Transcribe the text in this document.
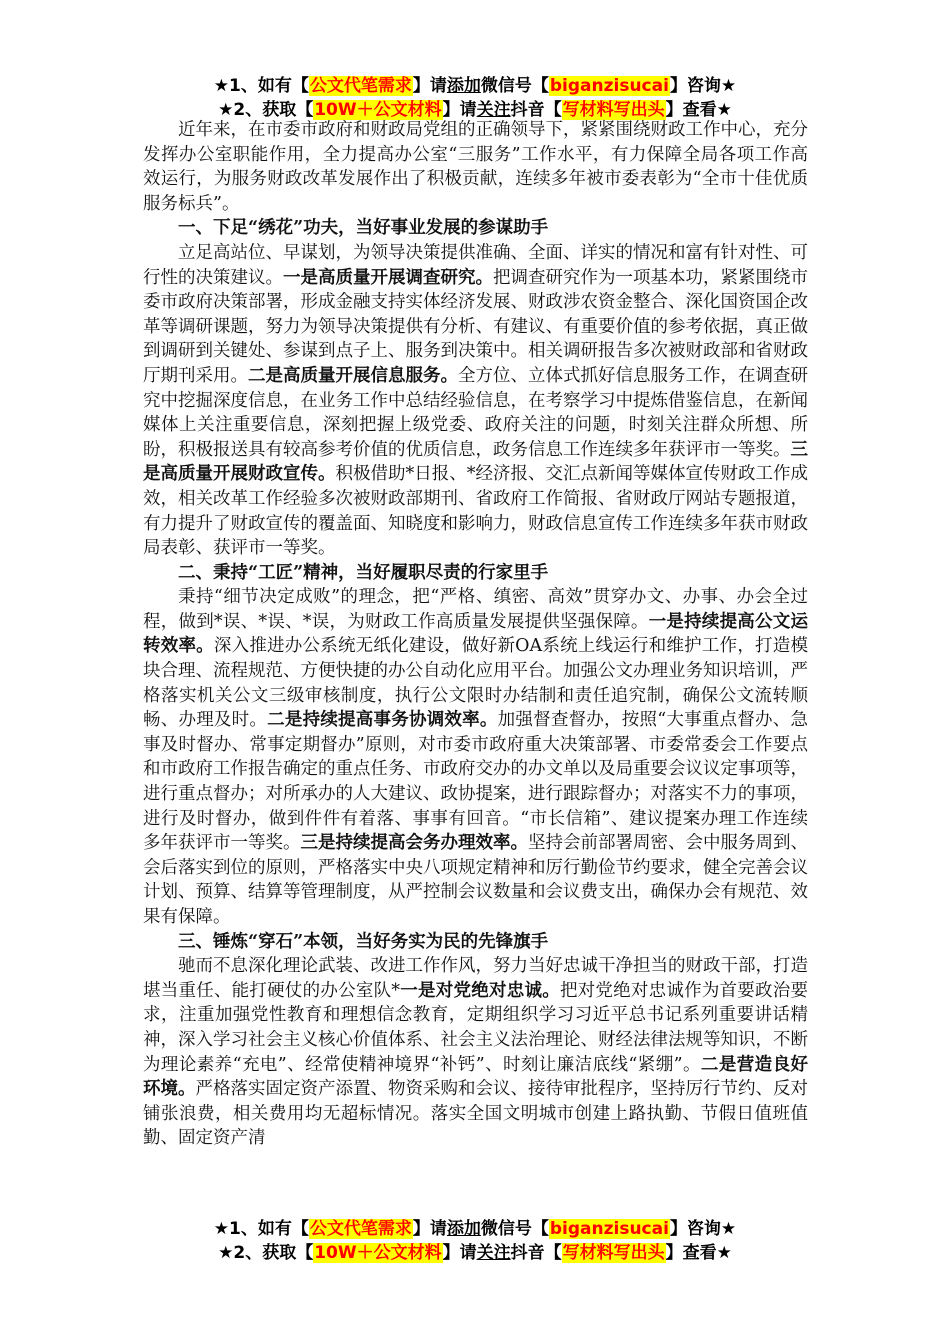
★1、如有【公文代笔需求】请添加微信号【biganzisucai】咨询★
★2、获取【10W＋公文材料】请关注抖音【写材料写出头】查看★

近年来，在市委市政府和财政局党组的正确领导下，紧紧围绕财政工作中心，充分发挥办公室职能作用，全力提高办公室“三服务”工作水平，有力保障全局各项工作高效运行，为服务财政改革发展作出了积极贡献，连续多年被市委表彰为“全市十佳优质服务标兵”。

一、下足“绣花”功夫，当好事业发展的参谋助手

立足高站位、早谋划，为领导决策提供准确、全面、详实的情况和富有针对性、可行性的决策建议。一是高质量开展调查研究。把调查研究作为一项基本功，紧紧围绕市委市政府决策部署，形成金融支持实体经济发展、财政涉农资金整合、深化国资国企改革等调研课题，努力为领导决策提供有分析、有建议、有重要价值的参考依据，真正做到调研到关键处、参谋到点子上、服务到决策中。相关调研报告多次被财政部和省财政厅期刊采用。二是高质量开展信息服务。全方位、立体式抓好信息服务工作，在调查研究中挖掘深度信息，在业务工作中总结经验信息，在考察学习中提炼借鉴信息，在新闻媒体上关注重要信息，深刻把握上级党委、政府关注的问题，时刻关注群众所想、所盼，积极报送具有较高参考价值的优质信息，政务信息工作连续多年获评市一等奖。三是高质量开展财政宣传。积极借助*日报、*经济报、交汇点新闻等媒体宣传财政工作成效，相关改革工作经验多次被财政部期刊、省政府工作简报、省财政厅网站专题报道，有力提升了财政宣传的覆盖面、知晓度和影响力，财政信息宣传工作连续多年获市财政局表彰、获评市一等奖。

二、秉持“工匠”精神，当好履职尽责的行家里手

秉持“细节决定成败”的理念，把“严格、缜密、高效”贯穿办文、办事、办会全过程，做到*误、*误、*误，为财政工作高质量发展提供坚强保障。一是持续提高公文运转效率。深入推进办公系统无纸化建设，做好新OA系统上线运行和维护工作，打造模块合理、流程规范、方便快捷的办公自动化应用平台。加强公文办理业务知识培训，严格落实机关公文三级审核制度，执行公文限时办结制和责任追究制，确保公文流转顺畅、办理及时。二是持续提高事务协调效率。加强督查督办，按照“大事重点督办、急事及时督办、常事定期督办”原则，对市委市政府重大决策部署、市委常委会工作要点和市政府工作报告确定的重点任务、市政府交办的办文单以及局重要会议议定事项等，进行重点督办；对所承办的人大建议、政协提案，进行跟踪督办；对落实不力的事项，进行及时督办，做到件件有着落、事事有回音。“市长信箱”、建议提案办理工作连续多年获评市一等奖。三是持续提高会务办理效率。坚持会前部署周密、会中服务周到、会后落实到位的原则，严格落实中央八项规定精神和厉行勤俭节约要求，健全完善会议计划、预算、结算等管理制度，从严控制会议数量和会议费支出，确保办会有规范、效果有保障。

三、锤炼“穿石”本领，当好务实为民的先锋旗手

驰而不息深化理论武装、改进工作作风，努力当好忠诚干净担当的财政干部，打造堪当重任、能打硬仗的办公室队*一是对党绝对忠诚。把对党绝对忠诚作为首要政治要求，注重加强党性教育和理想信念教育，定期组织学习习近平总书记系列重要讲话精神，深入学习社会主义核心价值体系、社会主义法治理论、财经法律法规等知识，不断为理论素养“充电”、经常使精神境界“补钙”、时刻让廉洁底线“紧绷”。二是营造良好环境。严格落实固定资产添置、物资采购和会议、接待审批程序，坚持厉行节约、反对铺张浪费，相关费用均无超标情况。落实全国文明城市创建上路执勤、节假日值班值勤、固定资产清

★1、如有【公文代笔需求】请添加微信号【biganzisucai】咨询★
★2、获取【10W＋公文材料】请关注抖音【写材料写出头】查看★
